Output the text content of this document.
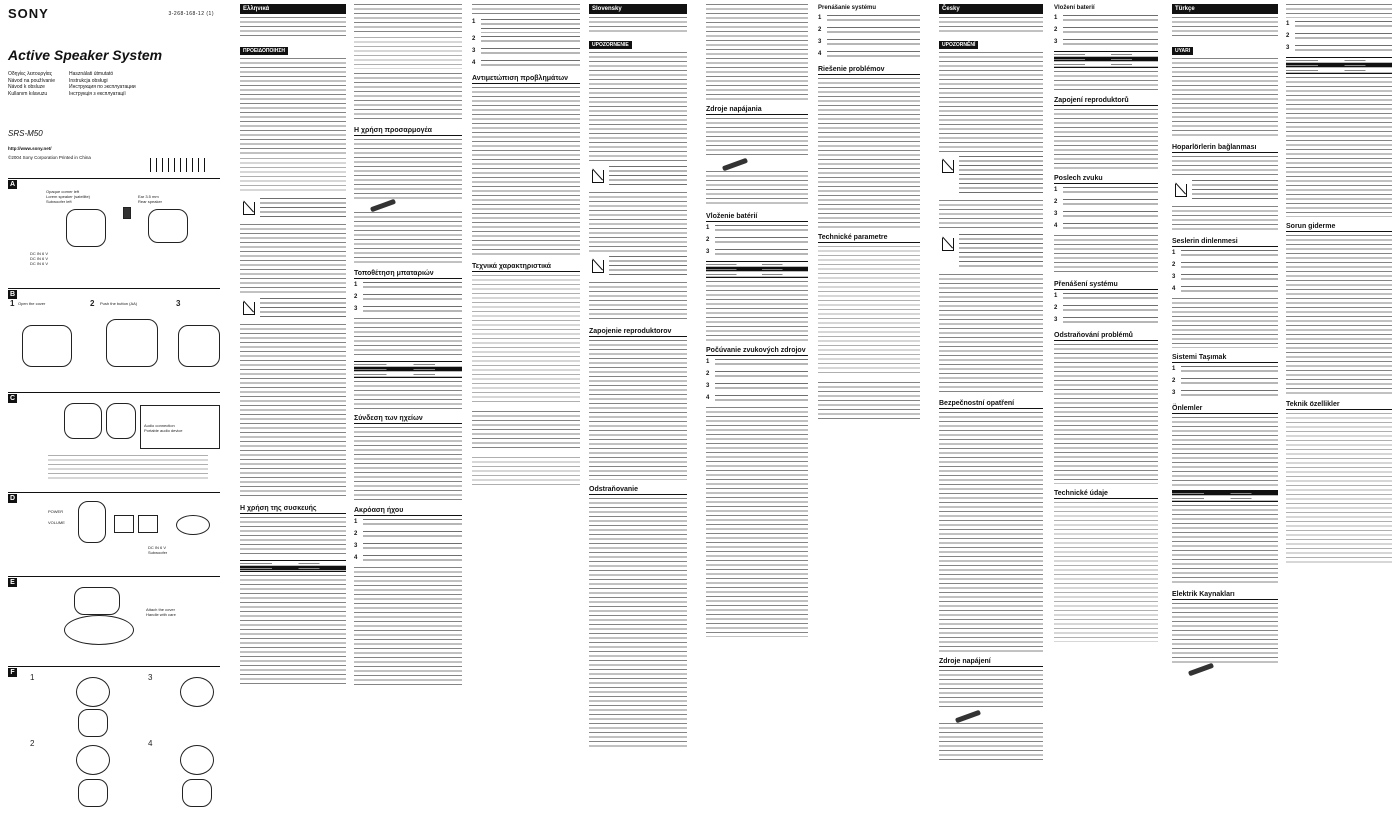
SONY	3-268-168-12 (1)
Active Speaker System
Οδηγίες λειτουργίας
Návod na používanie
Návod k obsluze
Kullanım kılavuzu
Használati útmutató
Instrukcja obsługi
Инструкция по эксплуатации
Інструкція з експлуатації
SRS-M50
http://www.sony.net/
©2004 Sony Corporation Printed in China
A
Opaque corner left
Lorem speaker (satellite)
Subwoofer left
Ear 3.5 mm
Rear speaker
DC IN 6 V
DC IN 6 V
DC IN 6 V
B
1 Open the cover	2 Push the button (AA)	3
C
Audio connection
Portable audio device
D
POWER
VOLUME
DC IN 6 V
Subwoofer
E
Attach the cover
Handle with care
F
1	3
2	4
Ελληνικά
ΠΡΟΕΙΔΟΠΟΙΗΣΗ
Η χρήση της συσκευής
Η χρήση προσαρμογέα
Τοποθέτηση μπαταριών
1
2
3
Σύνδεση των ηχείων
Ακρόαση ήχου
1
2
3
4
1
2
3
4
Αντιμετώπιση προβλημάτων
Τεχνικά χαρακτηριστικά
Slovensky
UPOZORNENIE
Zapojenie reproduktorov
Odstraňovanie
Zdroje napájania
Vloženie batérií
1
2
3
Počúvanie zvukových zdrojov
1
2
3
4
Prenášanie systému
1
2
3
4
Riešenie problémov
Technické parametre
Česky
UPOZORNĚNÍ
Bezpečnostní opatření
Zdroje napájení
Vložení baterií
1
2
3
Zapojení reproduktorů
Poslech zvuku
1
2
3
4
Přenášení systému
1
2
3
Odstraňování problémů
Technické údaje
Türkçe
UYARI
Hoparlörlerin bağlanması
Seslerin dinlenmesi
1
2
3
4
Sistemi Taşımak
1
2
3
Önlemler
Elektrik Kaynakları
1
2
3
Sorun giderme
Teknik özellikler
